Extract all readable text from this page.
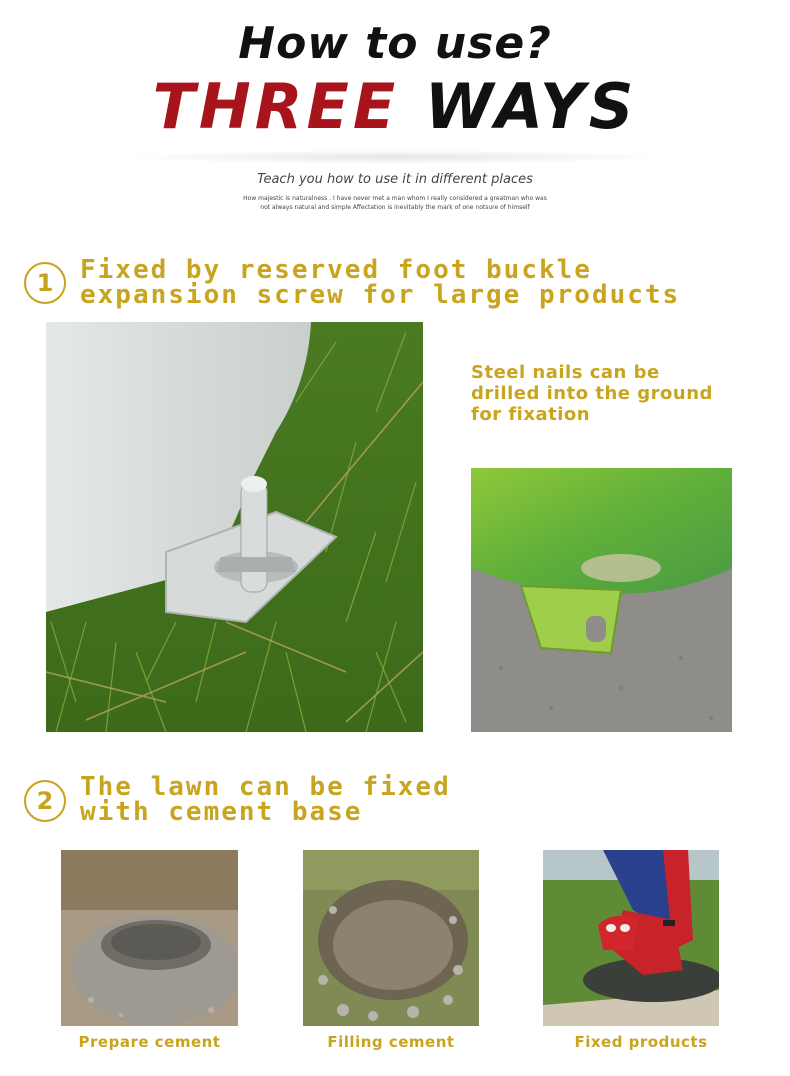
How to use?
THREE WAYS
Teach you how to use it in different places
How majestic is naturalness . I have never met a man whom I really considered a greatman who was
not always natural and simple Affectation is inevitably the mark of one notsure of himself
1	Fixed by reserved foot buckle
expansion screw for large products
Steel nails can be
drilled into the ground
for fixation
2	The lawn can be fixed
with cement base
Prepare cement	Filling cement	Fixed products
